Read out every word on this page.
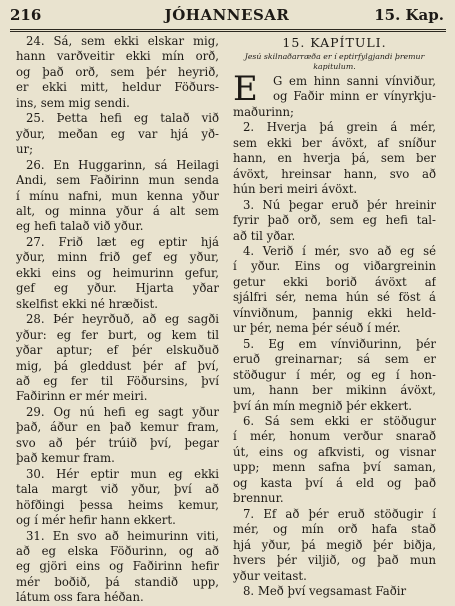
216	JÓHANNESAR	15. Kap.
24. Sá, sem ekki elskar mig,
hann varðveitir ekki mín orð,
og það orð, sem þér heyrið,
er ekki mitt, heldur Föðurs-
ins, sem mig sendi.
25. Þetta hefi eg talað við
yður, meðan eg var hjá yð-
ur;
26. En Huggarinn, sá Heilagi
Andi, sem Faðirinn mun senda
í mínu nafni, mun kenna yður
alt, og minna yður á alt sem
eg hefi talað við yður.
27. Frið læt eg eptir hjá
yður, minn frið gef eg yður,
ekki eins og heimurinn gefur,
gef eg yður. Hjarta yðar
skelfist ekki né hræðist.
28. Þér heyrðuð, að eg sagði
yður: eg fer burt, og kem til
yðar aptur; ef þér elskuðuð
mig, þá gleddust þér af því,
að eg fer til Föðursins, því
Faðirinn er mér meiri.
29. Og nú hefi eg sagt yður
það, áður en það kemur fram,
svo að þér trúið því, þegar
það kemur fram.
30. Hér eptir mun eg ekki
tala margt við yður, því að
höfðingi þessa heims kemur,
og í mér hefir hann ekkert.
31. En svo að heimurinn viti,
að eg elska Föðurinn, og að
eg gjöri eins og Faðirinn hefir
mér boðið, þá standið upp,
látum oss fara héðan.
15. KAPÍTULI.
Jesú skilnaðarræða er í eptirfylgjandi þremur
kapitulum.
E	G em hinn sanni vínviður,
og Faðir minn er vínyrkju-
maðurinn;
2. Hverja þá grein á mér,
sem ekki ber ávöxt, af sníður
hann, en hverja þá, sem ber
ávöxt, hreinsar hann, svo að
hún beri meiri ávöxt.
3. Nú þegar eruð þér hreinir
fyrir það orð, sem eg hefi tal-
að til yðar.
4. Verið í mér, svo að eg sé
í yður. Eins og viðargreinin
getur ekki borið ávöxt af
sjálfri sér, nema hún sé föst á
vínviðnum, þannig ekki held-
ur þér, nema þér séuð í mér.
5. Eg em vínviðurinn, þér
eruð greinarnar; sá sem er
stöðugur í mér, og eg í hon-
um, hann ber mikinn ávöxt,
því án mín megnið þér ekkert.
6. Sá sem ekki er stöðugur
í mér, honum verður snarað
út, eins og afkvisti, og visnar
upp; menn safna því saman,
og kasta því á eld og það
brennur.
7. Ef að þér eruð stöðugir í
mér, og mín orð hafa stað
hjá yður, þá megið þér biðja,
hvers þér viljið, og það mun
yður veitast.
8. Með því vegsamast Faðir
